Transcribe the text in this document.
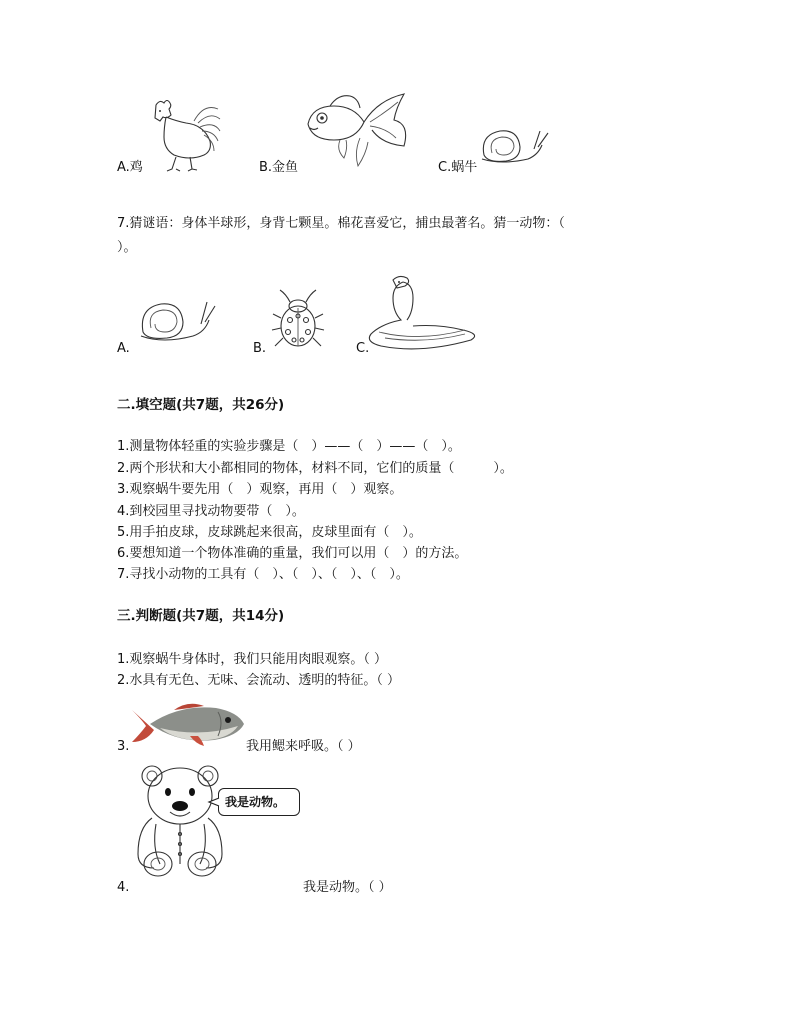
A.鸡	B.金鱼	C.蜗牛
7.猜谜语：身体半球形，身背七颗星。棉花喜爱它，捕虫最著名。猜一动物：（
）。
A.	B.	C.
二.填空题(共7题，共26分)
1.测量物体轻重的实验步骤是（　）——（　）——（　）。
2.两个形状和大小都相同的物体，材料不同，它们的质量（　　　）。
3.观察蜗牛要先用（　）观察，再用（　）观察。
4.到校园里寻找动物要带（　）。
5.用手拍皮球，皮球跳起来很高，皮球里面有（　）。
6.要想知道一个物体准确的重量，我们可以用（　）的方法。
7.寻找小动物的工具有（　）、（　）、（　）、（　）。
三.判断题(共7题，共14分)
1.观察蜗牛身体时，我们只能用肉眼观察。（ ）
2.水具有无色、无味、会流动、透明的特征。（ ）
3.	我用鳃来呼吸。（ ）
我是动物。
4.	我是动物。（ ）
